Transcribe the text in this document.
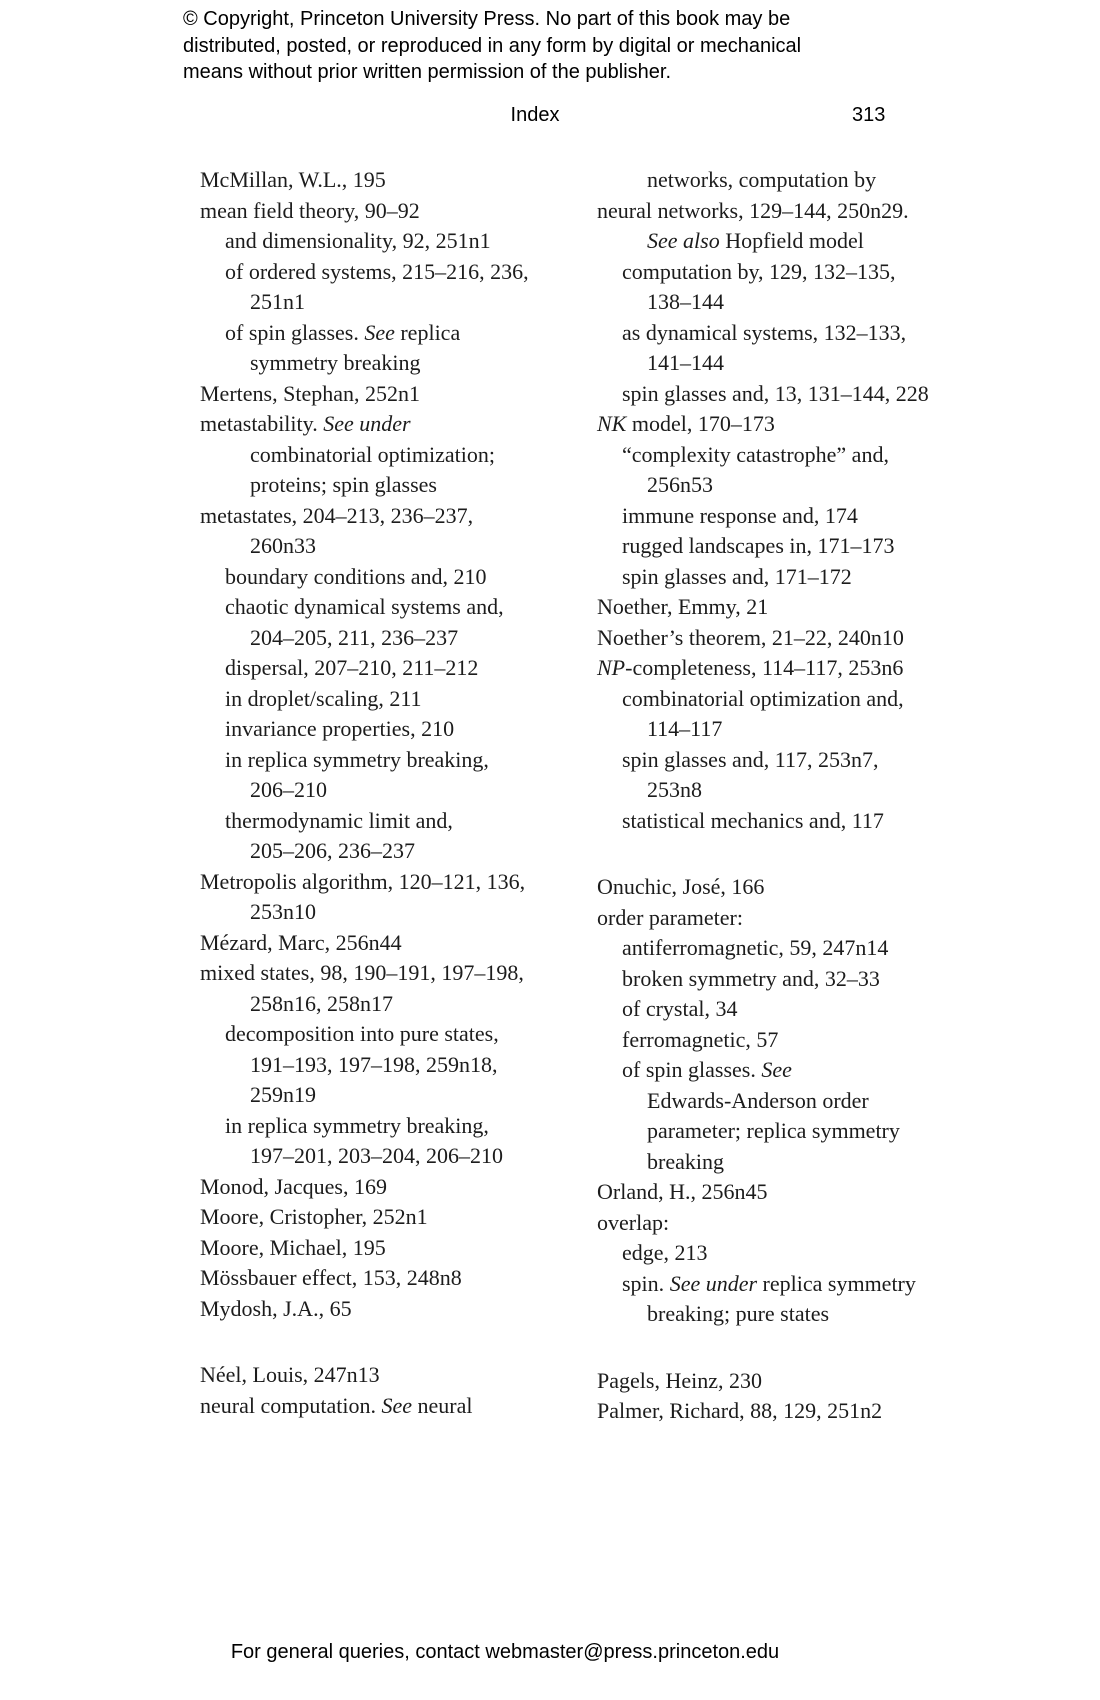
© Copyright, Princeton University Press. No part of this book may be
distributed, posted, or reproduced in any form by digital or mechanical
means without prior written permission of the publisher.
Index	313
McMillan, W.L., 195
mean field theory, 90–92
and dimensionality, 92, 251n1
of ordered systems, 215–216, 236,
251n1
of spin glasses. See replica
symmetry breaking
Mertens, Stephan, 252n1
metastability. See under
combinatorial optimization;
proteins; spin glasses
metastates, 204–213, 236–237,
260n33
boundary conditions and, 210
chaotic dynamical systems and,
204–205, 211, 236–237
dispersal, 207–210, 211–212
in droplet/scaling, 211
invariance properties, 210
in replica symmetry breaking,
206–210
thermodynamic limit and,
205–206, 236–237
Metropolis algorithm, 120–121, 136,
253n10
Mézard, Marc, 256n44
mixed states, 98, 190–191, 197–198,
258n16, 258n17
decomposition into pure states,
191–193, 197–198, 259n18,
259n19
in replica symmetry breaking,
197–201, 203–204, 206–210
Monod, Jacques, 169
Moore, Cristopher, 252n1
Moore, Michael, 195
Mössbauer effect, 153, 248n8
Mydosh, J.A., 65
Néel, Louis, 247n13
neural computation. See neural
networks, computation by
neural networks, 129–144, 250n29.
See also Hopfield model
computation by, 129, 132–135,
138–144
as dynamical systems, 132–133,
141–144
spin glasses and, 13, 131–144, 228
NK model, 170–173
“complexity catastrophe” and,
256n53
immune response and, 174
rugged landscapes in, 171–173
spin glasses and, 171–172
Noether, Emmy, 21
Noether’s theorem, 21–22, 240n10
NP-completeness, 114–117, 253n6
combinatorial optimization and,
114–117
spin glasses and, 117, 253n7,
253n8
statistical mechanics and, 117
Onuchic, José, 166
order parameter:
antiferromagnetic, 59, 247n14
broken symmetry and, 32–33
of crystal, 34
ferromagnetic, 57
of spin glasses. See
Edwards-Anderson order
parameter; replica symmetry
breaking
Orland, H., 256n45
overlap:
edge, 213
spin. See under replica symmetry
breaking; pure states
Pagels, Heinz, 230
Palmer, Richard, 88, 129, 251n2
For general queries, contact webmaster@press.princeton.edu
